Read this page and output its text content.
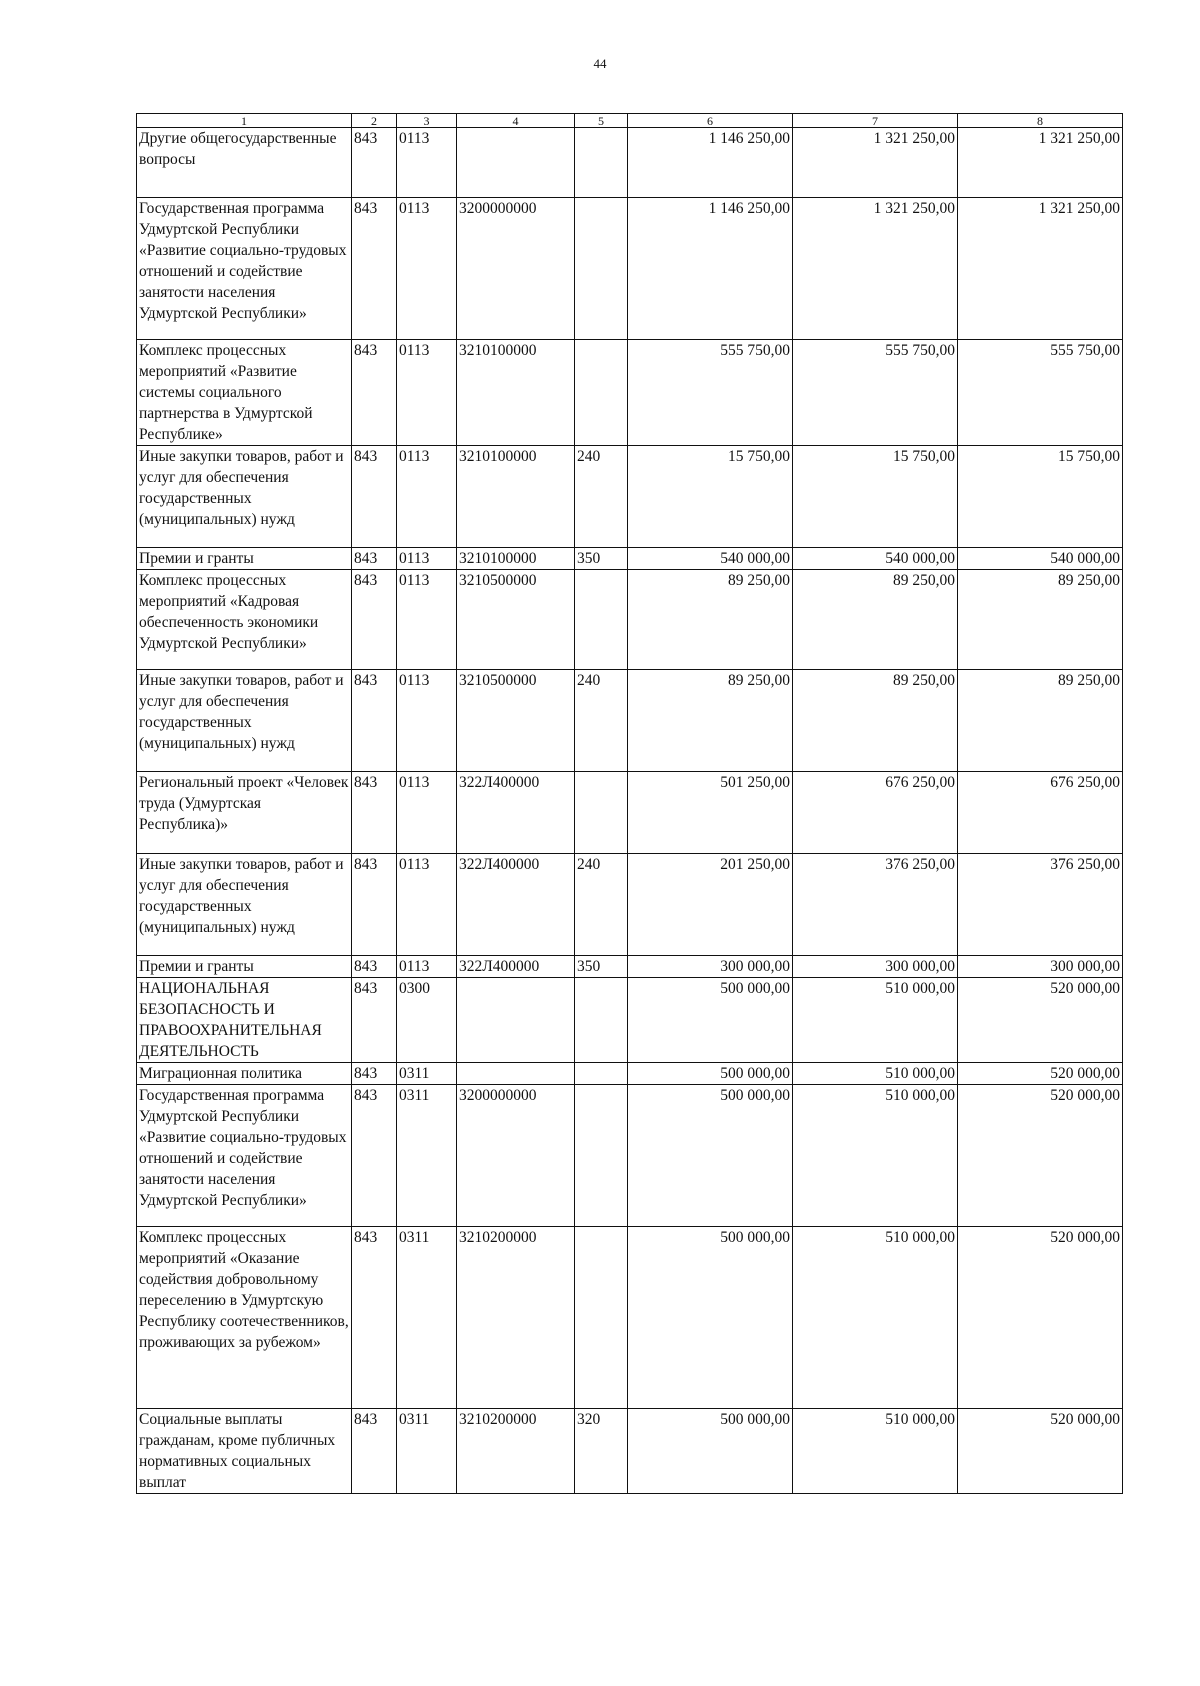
44
1	2	3	4	5	6	7	8
Другие общегосударственные вопросы	843	0113			1 146 250,00	1 321 250,00	1 321 250,00
Государственная программа Удмуртской Республики «Развитие социально-трудовых отношений и содействие занятости населения Удмуртской Республики»	843	0113	3200000000		1 146 250,00	1 321 250,00	1 321 250,00
Комплекс процессных мероприятий «Развитие системы социального партнерства в Удмуртской Республике»	843	0113	3210100000		555 750,00	555 750,00	555 750,00
Иные закупки товаров, работ и услуг для обеспечения государственных (муниципальных) нужд	843	0113	3210100000	240	15 750,00	15 750,00	15 750,00
Премии и гранты	843	0113	3210100000	350	540 000,00	540 000,00	540 000,00
Комплекс процессных мероприятий «Кадровая обеспеченность экономики Удмуртской Республики»	843	0113	3210500000		89 250,00	89 250,00	89 250,00
Иные закупки товаров, работ и услуг для обеспечения государственных (муниципальных) нужд	843	0113	3210500000	240	89 250,00	89 250,00	89 250,00
Региональный проект «Человек труда (Удмуртская Республика)»	843	0113	322Л400000		501 250,00	676 250,00	676 250,00
Иные закупки товаров, работ и услуг для обеспечения государственных (муниципальных) нужд	843	0113	322Л400000	240	201 250,00	376 250,00	376 250,00
Премии и гранты	843	0113	322Л400000	350	300 000,00	300 000,00	300 000,00
НАЦИОНАЛЬНАЯ БЕЗОПАСНОСТЬ И ПРАВООХРАНИТЕЛЬНАЯ ДЕЯТЕЛЬНОСТЬ	843	0300			500 000,00	510 000,00	520 000,00
Миграционная политика	843	0311			500 000,00	510 000,00	520 000,00
Государственная программа Удмуртской Республики «Развитие социально-трудовых отношений и содействие занятости населения Удмуртской Республики»	843	0311	3200000000		500 000,00	510 000,00	520 000,00
Комплекс процессных мероприятий «Оказание содействия добровольному переселению в Удмуртскую Республику соотечественников, проживающих за рубежом»	843	0311	3210200000		500 000,00	510 000,00	520 000,00
Социальные выплаты гражданам, кроме публичных нормативных социальных выплат	843	0311	3210200000	320	500 000,00	510 000,00	520 000,00
